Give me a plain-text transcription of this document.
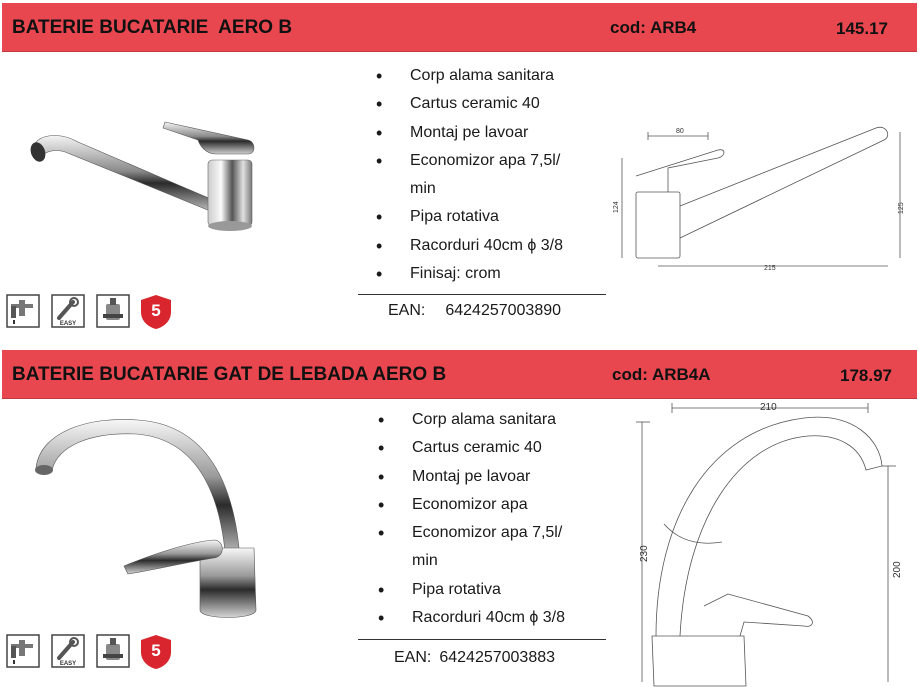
BATERIE BUCATARIE  AERO B	cod: ARB4	145.17
EASY
5
• Corp alama sanitara
• Cartus ceramic 40
• Montaj pe lavoar
• Economizor apa 7,5l/ min
• Pipa rotativa
• Racorduri 40cm ϕ 3/8
• Finisaj: crom
EAN: 6424257003890
80
124	125
215
BATERIE BUCATARIE GAT DE LEBADA AERO B	cod: ARB4A	178.97
EASY
5
• Corp alama sanitara
• Cartus ceramic 40
• Montaj pe lavoar
• Economizor apa
• Economizor apa 7,5l/ min
• Pipa rotativa
• Racorduri 40cm ϕ 3/8
EAN: 6424257003883
210
230
200
